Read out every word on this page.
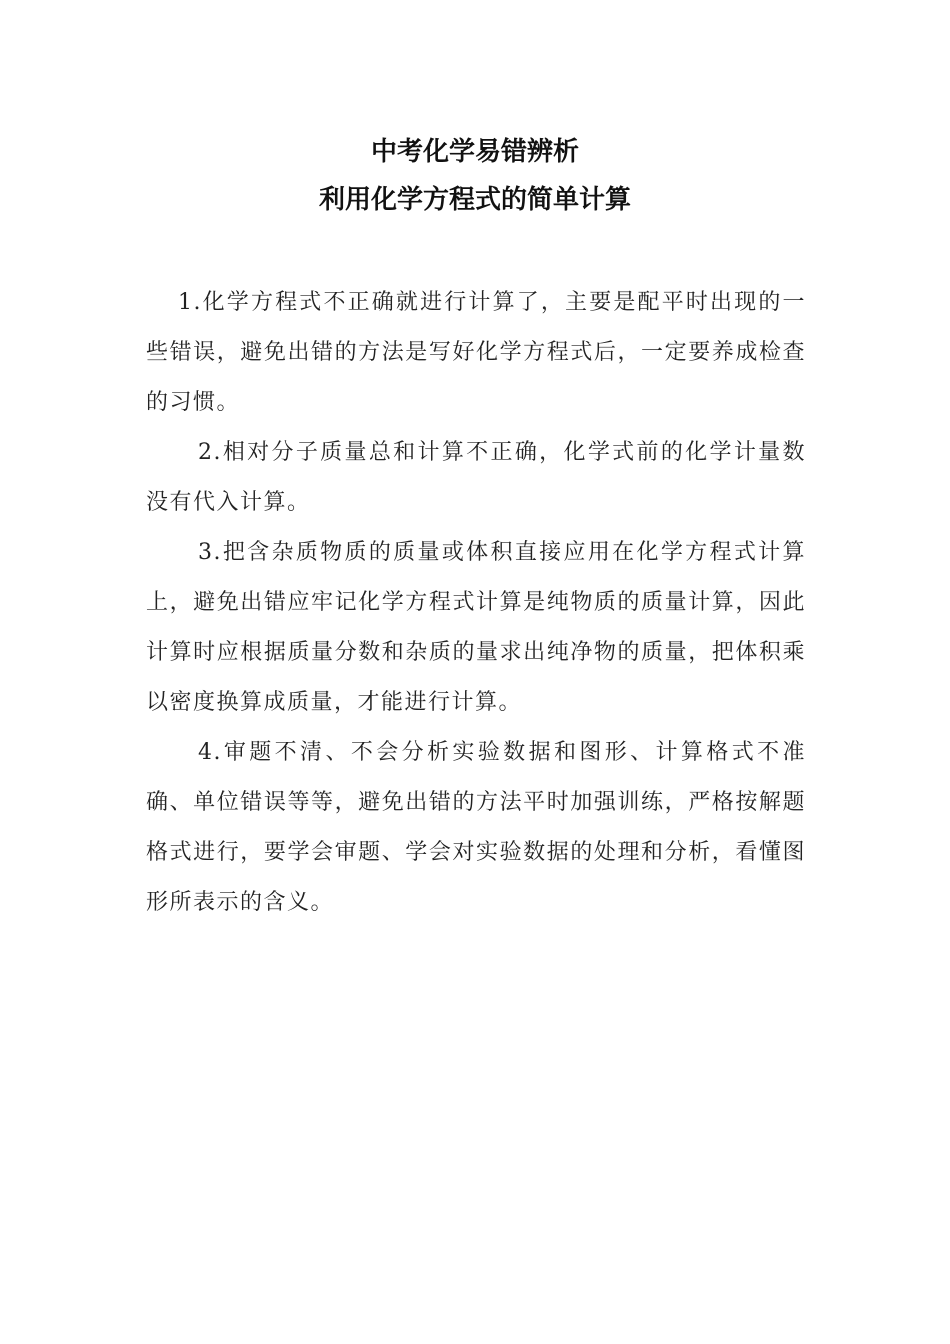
中考化学易错辨析
利用化学方程式的简单计算

1.化学方程式不正确就进行计算了，主要是配平时出现的一些错误，避免出错的方法是写好化学方程式后，一定要养成检查的习惯。

2.相对分子质量总和计算不正确，化学式前的化学计量数没有代入计算。

3.把含杂质物质的质量或体积直接应用在化学方程式计算上，避免出错应牢记化学方程式计算是纯物质的质量计算，因此计算时应根据质量分数和杂质的量求出纯净物的质量，把体积乘以密度换算成质量，才能进行计算。

4.审题不清、不会分析实验数据和图形、计算格式不准确、单位错误等等，避免出错的方法平时加强训练，严格按解题格式进行，要学会审题、学会对实验数据的处理和分析，看懂图形所表示的含义。
